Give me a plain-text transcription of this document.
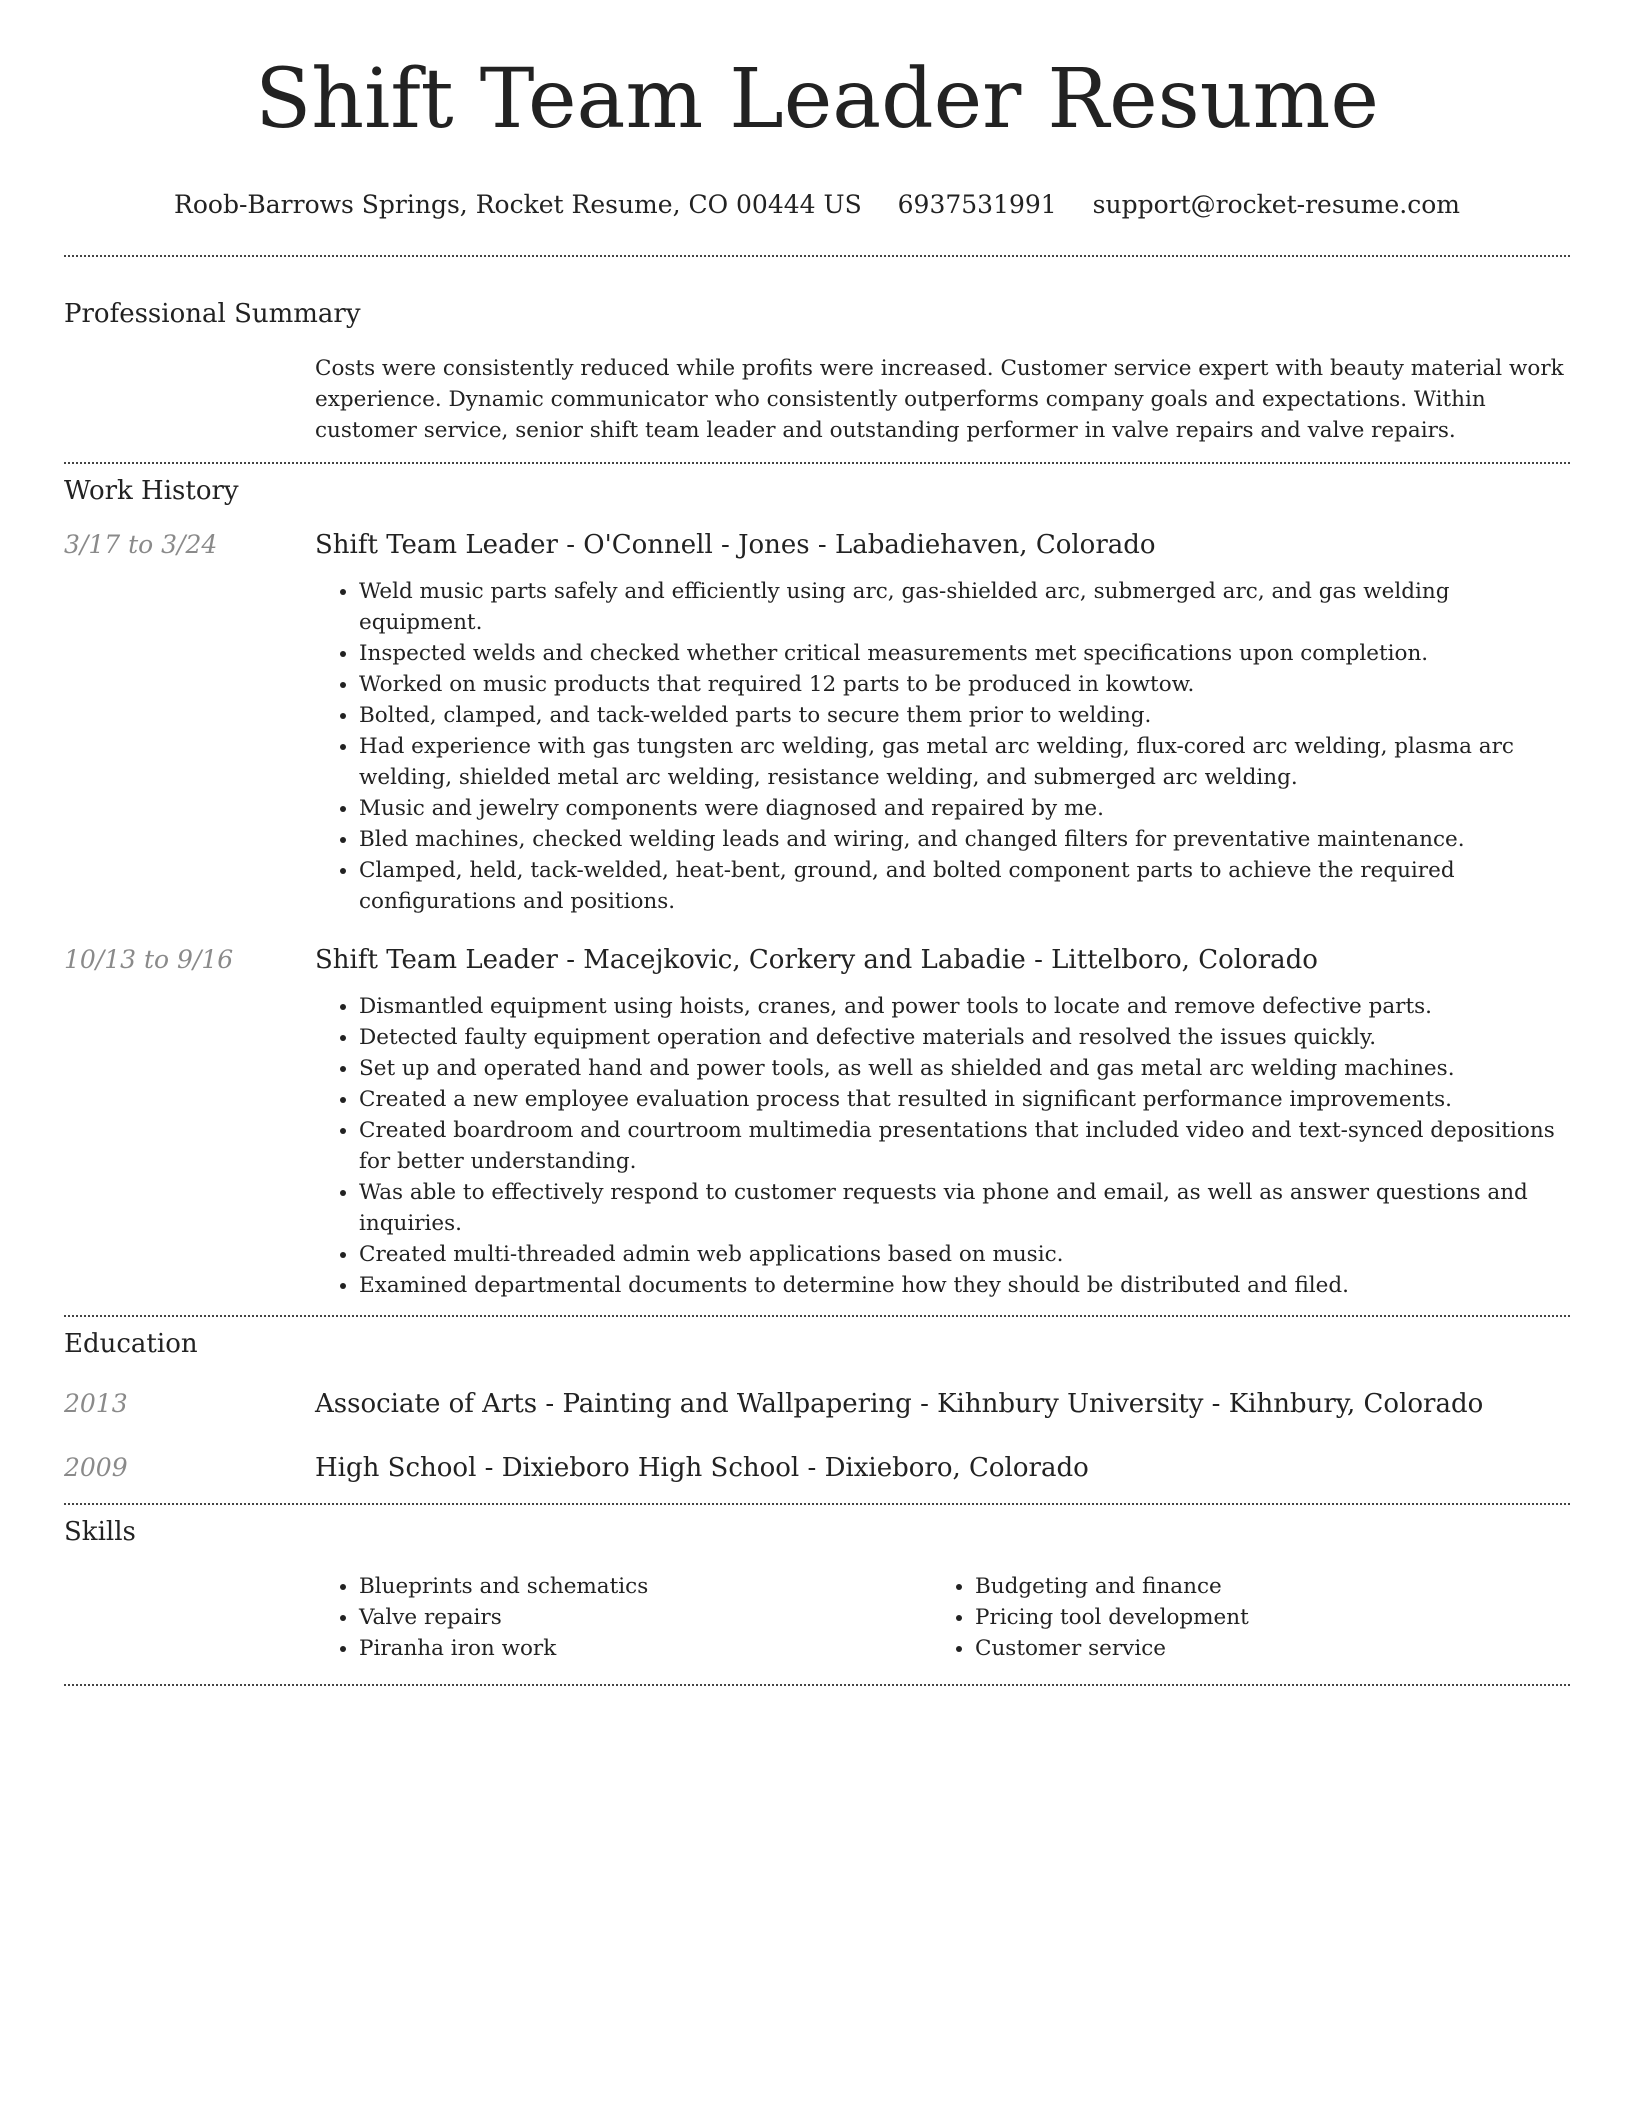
Shift Team Leader Resume
Roob-Barrows Springs, Rocket Resume, CO 00444 US 6937531991 support@rocket-resume.com
Professional Summary

Costs were consistently reduced while profits were increased. Customer service expert with beauty material work experience. Dynamic communicator who consistently outperforms company goals and expectations. Within customer service, senior shift team leader and outstanding performer in valve repairs and valve repairs.

Work History
3/17 to 3/24	Shift Team Leader - O'Connell - Jones - Labadiehaven, Colorado
• Weld music parts safely and efficiently using arc, gas-shielded arc, submerged arc, and gas welding equipment.
• Inspected welds and checked whether critical measurements met specifications upon completion.
• Worked on music products that required 12 parts to be produced in kowtow.
• Bolted, clamped, and tack-welded parts to secure them prior to welding.
• Had experience with gas tungsten arc welding, gas metal arc welding, flux-cored arc welding, plasma arc welding, shielded metal arc welding, resistance welding, and submerged arc welding.
• Music and jewelry components were diagnosed and repaired by me.
• Bled machines, checked welding leads and wiring, and changed filters for preventative maintenance.
• Clamped, held, tack-welded, heat-bent, ground, and bolted component parts to achieve the required configurations and positions.
10/13 to 9/16	Shift Team Leader - Macejkovic, Corkery and Labadie - Littelboro, Colorado
• Dismantled equipment using hoists, cranes, and power tools to locate and remove defective parts.
• Detected faulty equipment operation and defective materials and resolved the issues quickly.
• Set up and operated hand and power tools, as well as shielded and gas metal arc welding machines.
• Created a new employee evaluation process that resulted in significant performance improvements.
• Created boardroom and courtroom multimedia presentations that included video and text-synced depositions for better understanding.
• Was able to effectively respond to customer requests via phone and email, as well as answer questions and inquiries.
• Created multi-threaded admin web applications based on music.
• Examined departmental documents to determine how they should be distributed and filed.
Education
2013	Associate of Arts - Painting and Wallpapering - Kihnbury University - Kihnbury, Colorado
2009	High School - Dixieboro High School - Dixieboro, Colorado
Skills
• Blueprints and schematics
• Valve repairs
• Piranha iron work
• Budgeting and finance
• Pricing tool development
• Customer service
